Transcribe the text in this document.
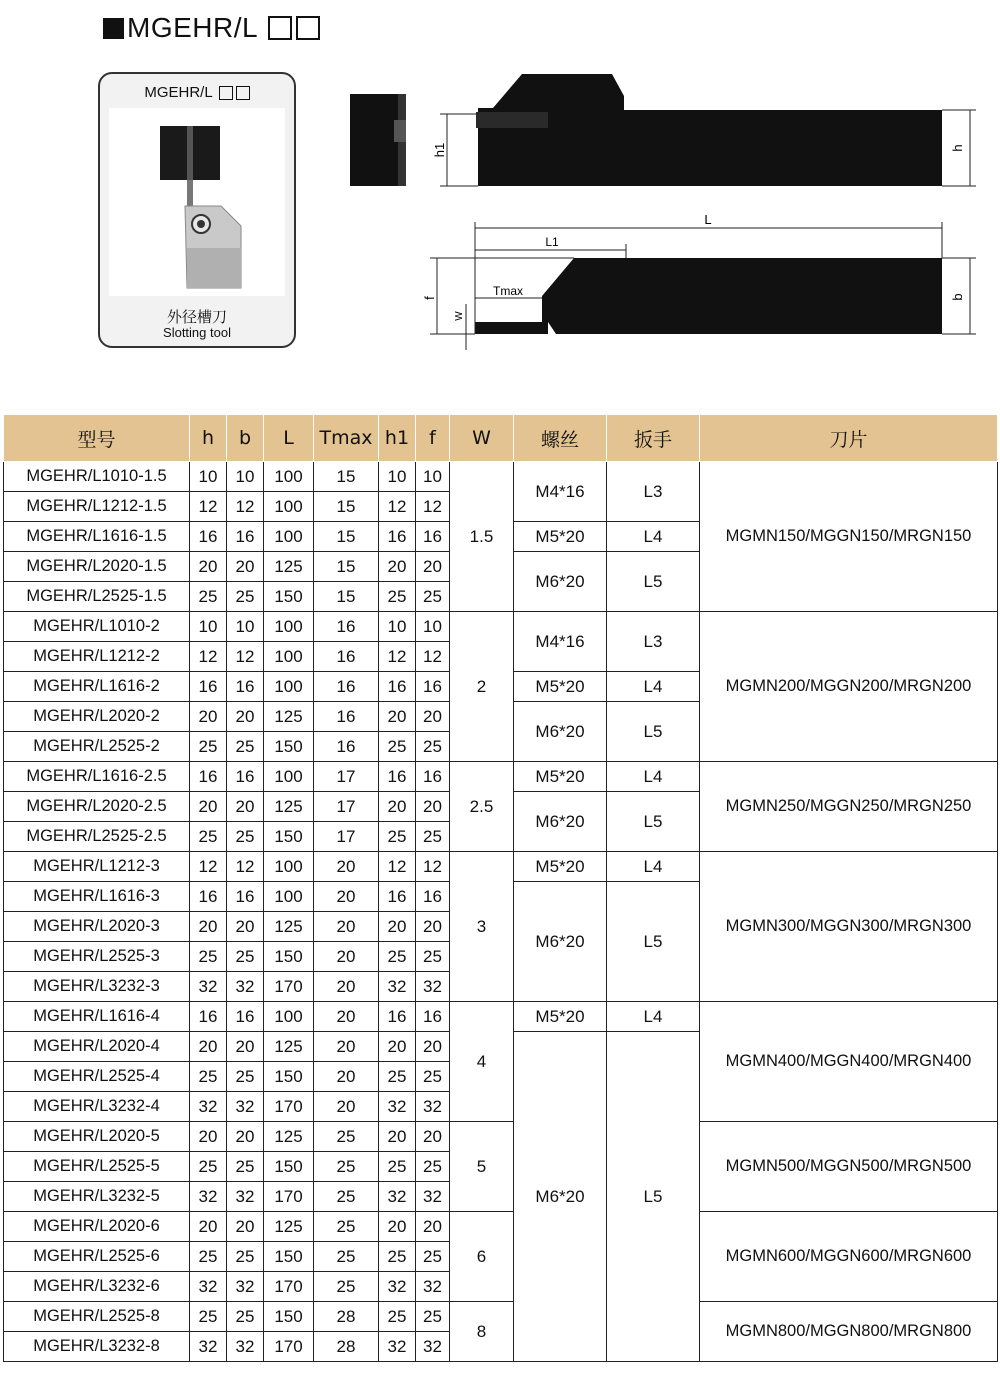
MGEHR/L
MGEHR/L
外径槽刀
Slotting tool
h1	h
L
L1
Tmax
f
W
b
型号	h	b	L	Tmax	h1	f	W	螺丝	扳手	刀片
MGEHR/L1010-1.5	10	10	100	15	10	10	1.5	M4*16	L3	MGMN150/MGGN150/MRGN150
MGEHR/L1212-1.5	12	12	100	15	12	12				
MGEHR/L1616-1.5	16	16	100	15	16	16		M5*20	L4	
MGEHR/L2020-1.5	20	20	125	15	20	20		M6*20	L5	
MGEHR/L2525-1.5	25	25	150	15	25	25				
MGEHR/L1010-2	10	10	100	16	10	10	2	M4*16	L3	MGMN200/MGGN200/MRGN200
MGEHR/L1212-2	12	12	100	16	12	12				
MGEHR/L1616-2	16	16	100	16	16	16		M5*20	L4	
MGEHR/L2020-2	20	20	125	16	20	20		M6*20	L5	
MGEHR/L2525-2	25	25	150	16	25	25				
MGEHR/L1616-2.5	16	16	100	17	16	16	2.5	M5*20	L4	MGMN250/MGGN250/MRGN250
MGEHR/L2020-2.5	20	20	125	17	20	20		M6*20	L5	
MGEHR/L2525-2.5	25	25	150	17	25	25				
MGEHR/L1212-3	12	12	100	20	12	12	3	M5*20	L4	MGMN300/MGGN300/MRGN300
MGEHR/L1616-3	16	16	100	20	16	16		M6*20	L5	
MGEHR/L2020-3	20	20	125	20	20	20				
MGEHR/L2525-3	25	25	150	20	25	25				
MGEHR/L3232-3	32	32	170	20	32	32				
MGEHR/L1616-4	16	16	100	20	16	16	4	M5*20	L4	MGMN400/MGGN400/MRGN400
MGEHR/L2020-4	20	20	125	20	20	20		M6*20	L5	
MGEHR/L2525-4	25	25	150	20	25	25				
MGEHR/L3232-4	32	32	170	20	32	32				
MGEHR/L2020-5	20	20	125	25	20	20	5			MGMN500/MGGN500/MRGN500
MGEHR/L2525-5	25	25	150	25	25	25				
MGEHR/L3232-5	32	32	170	25	32	32				
MGEHR/L2020-6	20	20	125	25	20	20	6			MGMN600/MGGN600/MRGN600
MGEHR/L2525-6	25	25	150	25	25	25				
MGEHR/L3232-6	32	32	170	25	32	32				
MGEHR/L2525-8	25	25	150	28	25	25	8			MGMN800/MGGN800/MRGN800
MGEHR/L3232-8	32	32	170	28	32	32				
